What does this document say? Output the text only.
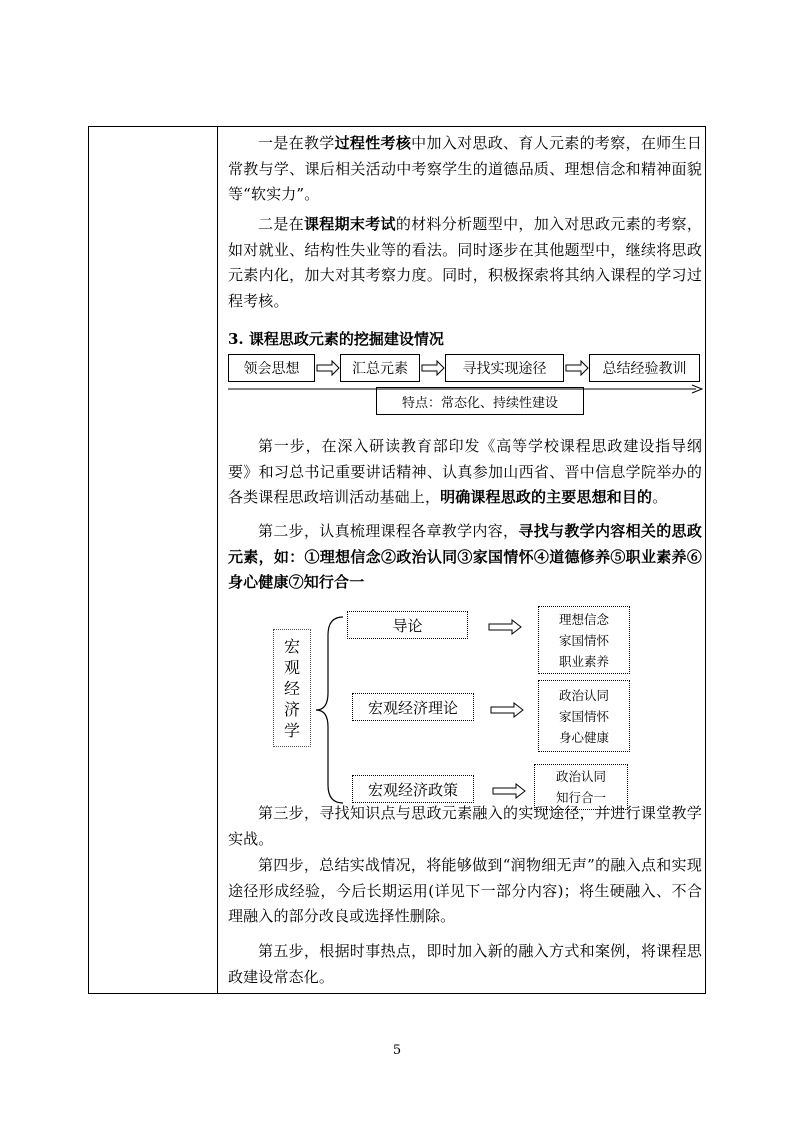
一是在教学过程性考核中加入对思政、育人元素的考察，在师生日常教与学、课后相关活动中考察学生的道德品质、理想信念和精神面貌等“软实力”。

二是在课程期末考试的材料分析题型中，加入对思政元素的考察，如对就业、结构性失业等的看法。同时逐步在其他题型中，继续将思政元素内化，加大对其考察力度。同时，积极探索将其纳入课程的学习过程考核。

3. 课程思政元素的挖掘建设情况
领会思想	汇总元素	寻找实现途径	总结经验教训
特点：常态化、持续性建设

第一步，在深入研读教育部印发《高等学校课程思政建设指导纲要》和习总书记重要讲话精神、认真参加山西省、晋中信息学院举办的各类课程思政培训活动基础上，明确课程思政的主要思想和目的。

第二步，认真梳理课程各章教学内容，寻找与教学内容相关的思政元素，如：①理想信念②政治认同③家国情怀④道德修养⑤职业素养⑥身心健康⑦知行合一

宏
观
经
济
学
导论	理想信念
家国情怀
职业素养
宏观经济理论
政治认同
家国情怀
身心健康
宏观经济政策
政治认同
知行合一

第三步，寻找知识点与思政元素融入的实现途径，并进行课堂教学实战。

第四步，总结实战情况，将能够做到“润物细无声”的融入点和实现途径形成经验，今后长期运用(详见下一部分内容)；将生硬融入、不合理融入的部分改良或选择性删除。

第五步，根据时事热点，即时加入新的融入方式和案例，将课程思政建设常态化。

5
